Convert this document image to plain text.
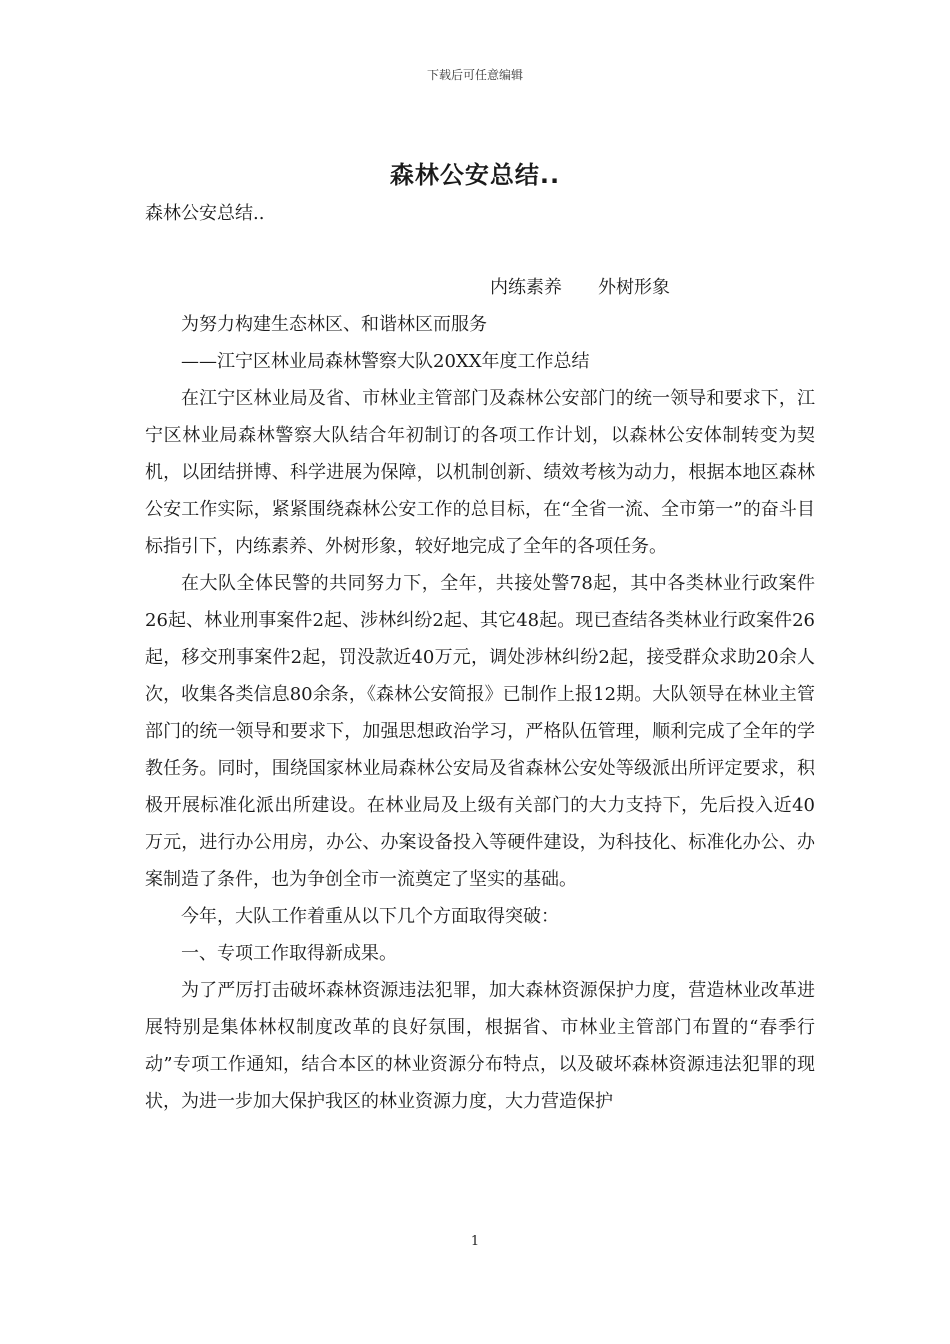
下载后可任意编辑
森林公安总结..

森林公安总结..

内练素养　　外树形象

为努力构建生态林区、和谐林区而服务

——江宁区林业局森林警察大队20XX年度工作总结

在江宁区林业局及省、市林业主管部门及森林公安部门的统一领导和要求下，江宁区林业局森林警察大队结合年初制订的各项工作计划，以森林公安体制转变为契机，以团结拼博、科学进展为保障，以机制创新、绩效考核为动力，根据本地区森林公安工作实际，紧紧围绕森林公安工作的总目标，在“全省一流、全市第一”的奋斗目标指引下，内练素养、外树形象，较好地完成了全年的各项任务。

在大队全体民警的共同努力下，全年，共接处警78起，其中各类林业行政案件26起、林业刑事案件2起、涉林纠纷2起、其它48起。现已查结各类林业行政案件26起，移交刑事案件2起，罚没款近40万元，调处涉林纠纷2起，接受群众求助20余人次，收集各类信息80余条，《森林公安简报》已制作上报12期。大队领导在林业主管部门的统一领导和要求下，加强思想政治学习，严格队伍管理，顺利完成了全年的学教任务。同时，围绕国家林业局森林公安局及省森林公安处等级派出所评定要求，积极开展标准化派出所建设。在林业局及上级有关部门的大力支持下，先后投入近40万元，进行办公用房，办公、办案设备投入等硬件建设，为科技化、标准化办公、办案制造了条件，也为争创全市一流奠定了坚实的基础。

今年，大队工作着重从以下几个方面取得突破：

一、专项工作取得新成果。

为了严厉打击破坏森林资源违法犯罪，加大森林资源保护力度，营造林业改革进展特别是集体林权制度改革的良好氛围，根据省、市林业主管部门布置的“春季行动”专项工作通知，结合本区的林业资源分布特点，以及破坏森林资源违法犯罪的现状，为进一步加大保护我区的林业资源力度，大力营造保护

1
